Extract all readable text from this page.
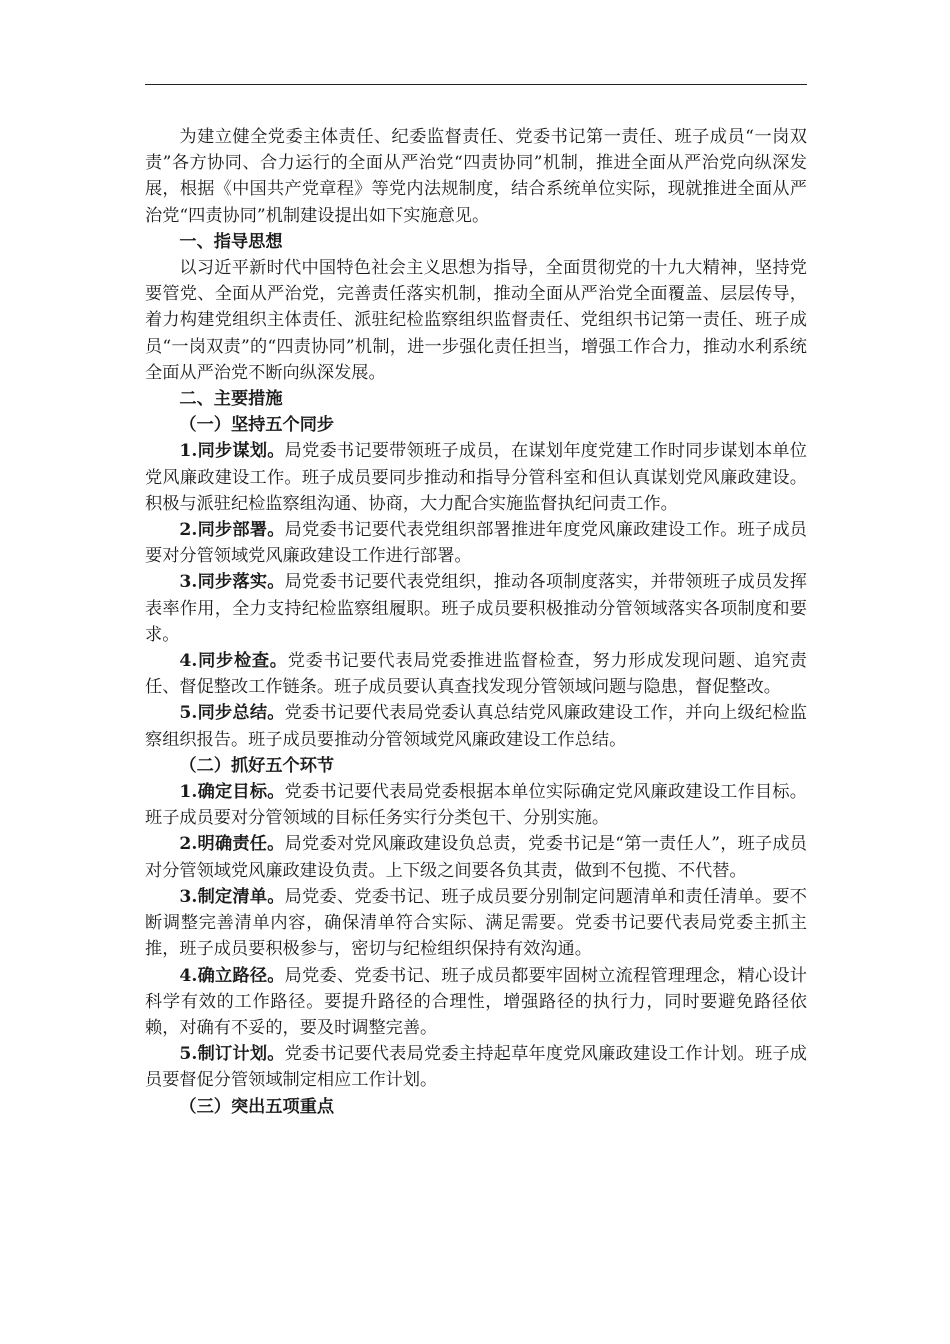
为建立健全党委主体责任、纪委监督责任、党委书记第一责任、班子成员“一岗双责”各方协同、合力运行的全面从严治党“四责协同”机制，推进全面从严治党向纵深发展，根据《中国共产党章程》等党内法规制度，结合系统单位实际，现就推进全面从严治党“四责协同”机制建设提出如下实施意见。

一、指导思想

以习近平新时代中国特色社会主义思想为指导，全面贯彻党的十九大精神，坚持党要管党、全面从严治党，完善责任落实机制，推动全面从严治党全面覆盖、层层传导，着力构建党组织主体责任、派驻纪检监察组织监督责任、党组织书记第一责任、班子成员“一岗双责”的“四责协同”机制，进一步强化责任担当，增强工作合力，推动水利系统全面从严治党不断向纵深发展。

二、主要措施

（一）坚持五个同步

1.同步谋划。局党委书记要带领班子成员，在谋划年度党建工作时同步谋划本单位党风廉政建设工作。班子成员要同步推动和指导分管科室和但认真谋划党风廉政建设。积极与派驻纪检监察组沟通、协商，大力配合实施监督执纪问责工作。

2.同步部署。局党委书记要代表党组织部署推进年度党风廉政建设工作。班子成员要对分管领域党风廉政建设工作进行部署。

3.同步落实。局党委书记要代表党组织，推动各项制度落实，并带领班子成员发挥表率作用，全力支持纪检监察组履职。班子成员要积极推动分管领域落实各项制度和要求。

4.同步检查。党委书记要代表局党委推进监督检查，努力形成发现问题、追究责任、督促整改工作链条。班子成员要认真查找发现分管领域问题与隐患，督促整改。

5.同步总结。党委书记要代表局党委认真总结党风廉政建设工作，并向上级纪检监察组织报告。班子成员要推动分管领域党风廉政建设工作总结。

（二）抓好五个环节

1.确定目标。党委书记要代表局党委根据本单位实际确定党风廉政建设工作目标。班子成员要对分管领域的目标任务实行分类包干、分别实施。

2.明确责任。局党委对党风廉政建设负总责，党委书记是“第一责任人”，班子成员对分管领域党风廉政建设负责。上下级之间要各负其责，做到不包揽、不代替。

3.制定清单。局党委、党委书记、班子成员要分别制定问题清单和责任清单。要不断调整完善清单内容，确保清单符合实际、满足需要。党委书记要代表局党委主抓主推，班子成员要积极参与，密切与纪检组织保持有效沟通。

4.确立路径。局党委、党委书记、班子成员都要牢固树立流程管理理念，精心设计科学有效的工作路径。要提升路径的合理性，增强路径的执行力，同时要避免路径依赖，对确有不妥的，要及时调整完善。

5.制订计划。党委书记要代表局党委主持起草年度党风廉政建设工作计划。班子成员要督促分管领域制定相应工作计划。

（三）突出五项重点
